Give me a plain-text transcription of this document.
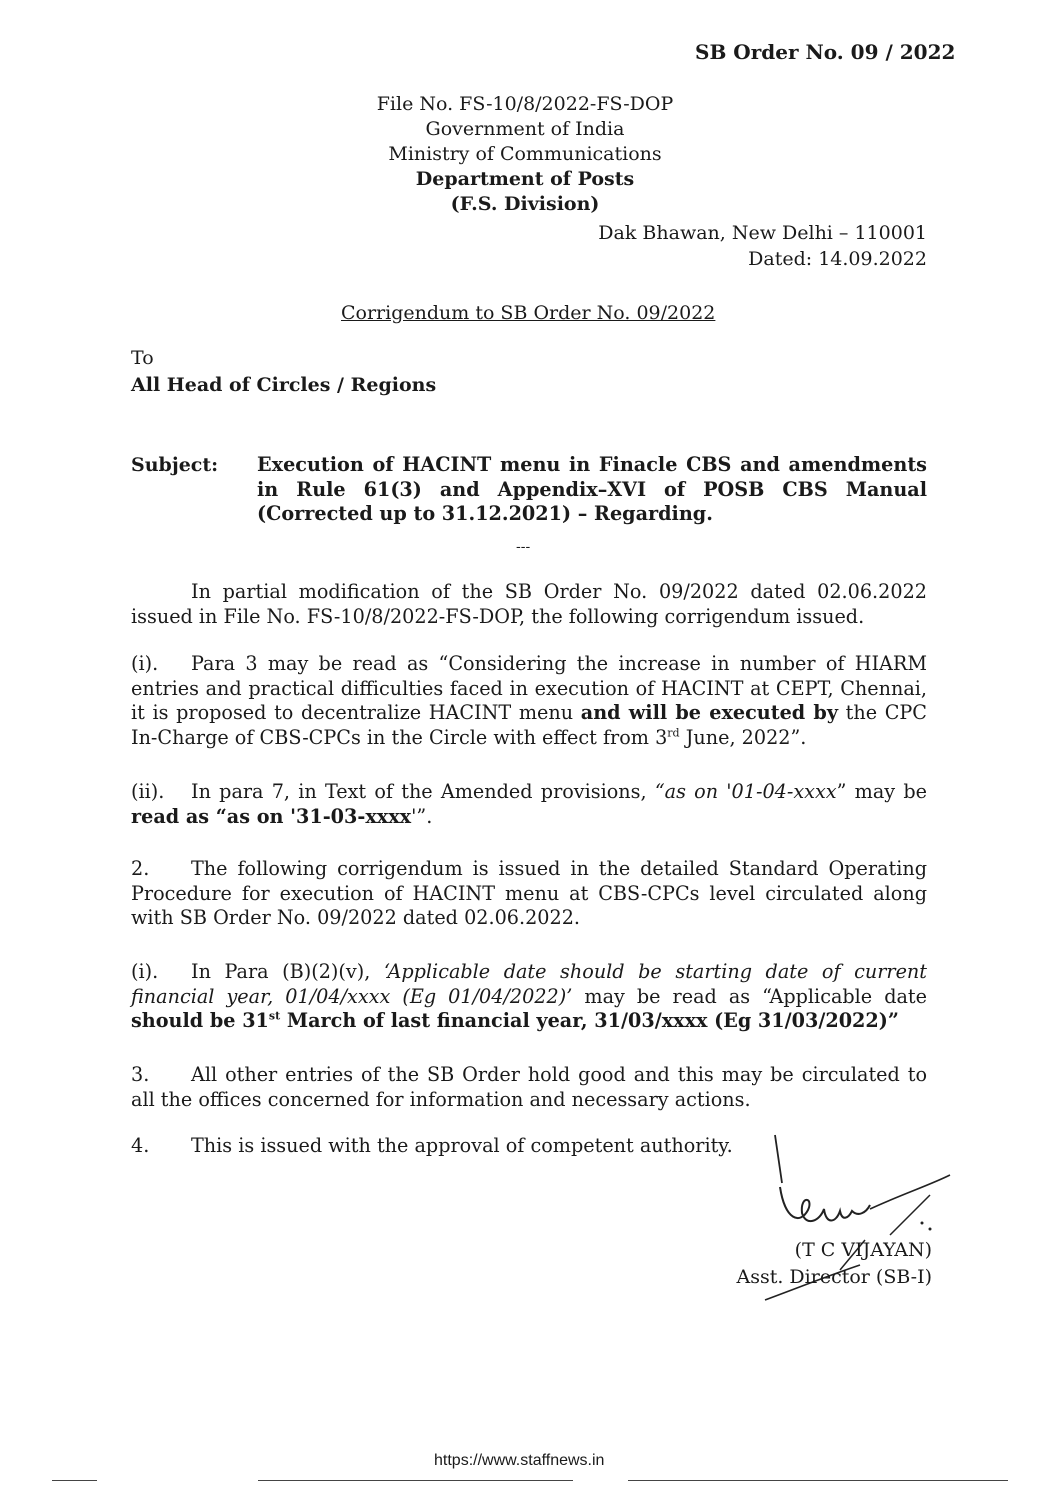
SB Order No. 09 / 2022
File No. FS-10/8/2022-FS-DOP
Government of India
Ministry of Communications
Department of Posts
(F.S. Division)
Dak Bhawan, New Delhi – 110001
Dated: 14.09.2022
Corrigendum to SB Order No. 09/2022
To
All Head of Circles / Regions
Subject: Execution of HACINT menu in Finacle CBS and amendments in Rule 61(3) and Appendix–XVI of POSB CBS Manual (Corrected up to 31.12.2021) – Regarding.
---
In partial modification of the SB Order No. 09/2022 dated 02.06.2022 issued in File No. FS-10/8/2022-FS-DOP, the following corrigendum issued.
(i). Para 3 may be read as “Considering the increase in number of HIARM entries and practical difficulties faced in execution of HACINT at CEPT, Chennai, it is proposed to decentralize HACINT menu and will be executed by the CPC In-Charge of CBS-CPCs in the Circle with effect from 3rd June, 2022”.
(ii). In para 7, in Text of the Amended provisions, “as on '01-04-xxxx” may be read as “as on '31-03-xxxx'”.
2. The following corrigendum is issued in the detailed Standard Operating Procedure for execution of HACINT menu at CBS-CPCs level circulated along with SB Order No. 09/2022 dated 02.06.2022.
(i). In Para (B)(2)(v), ‘Applicable date should be starting date of current financial year, 01/04/xxxx (Eg 01/04/2022)’ may be read as “Applicable date should be 31st March of last financial year, 31/03/xxxx (Eg 31/03/2022)”
3. All other entries of the SB Order hold good and this may be circulated to all the offices concerned for information and necessary actions.
4. This is issued with the approval of competent authority.
(T C VIJAYAN)
Asst. Director (SB-I)
https://www.staffnews.in
